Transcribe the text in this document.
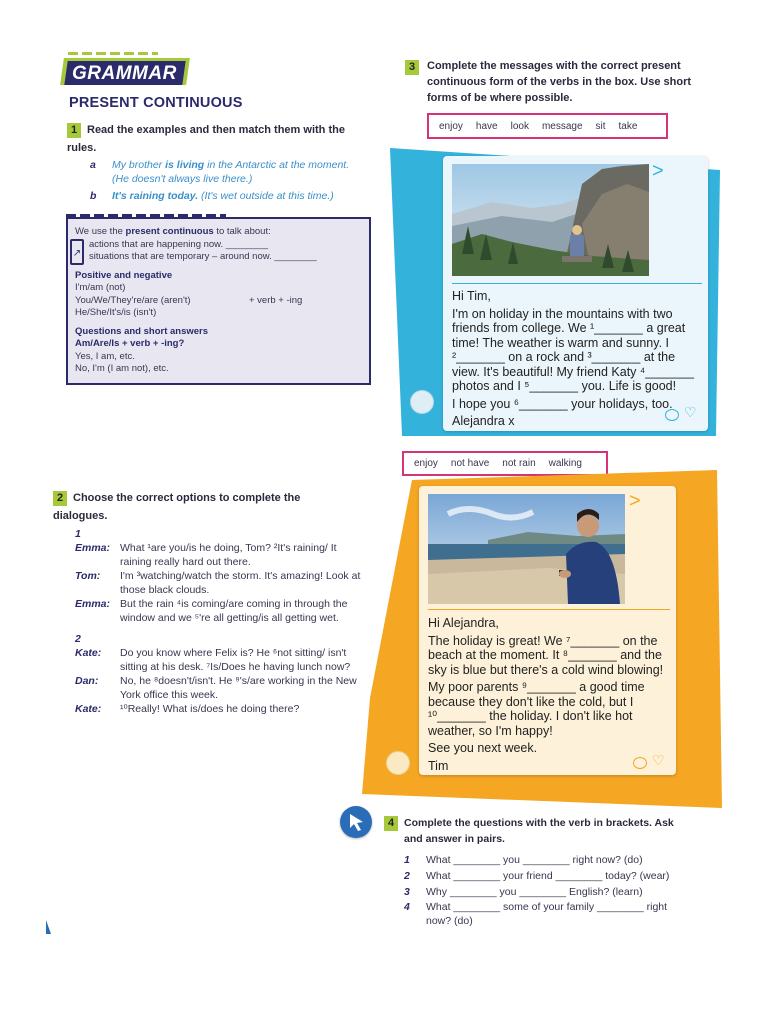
GRAMMAR
PRESENT CONTINUOUS
1 Read the examples and then match them with the rules.
a My brother is living in the Antarctic at the moment.
(He doesn't always live there.)
b It's raining today. (It's wet outside at this time.)
↗
We use the present continuous to talk about:
actions that are happening now. ________
situations that are temporary – around now. ________
Positive and negative
I'm/am (not)
You/We/They're/are (aren't)	+ verb + -ing
He/She/It's/is (isn't)
Questions and short answers
Am/Are/Is + verb + -ing?
Yes, I am, etc.
No, I'm (I am not), etc.
2 Choose the correct options to complete the dialogues.
1
Emma: What ¹are you/is he doing, Tom? ²It's raining/ It raining really hard out there.
Tom:	I'm ³watching/watch the storm. It's amazing! Look at those black clouds.
Emma: But the rain ⁴is coming/are coming in through the window and we ⁵'re all getting/is all getting wet.
2
Kate:	Do you know where Felix is? He ⁶not sitting/ isn't sitting at his desk. ⁷Is/Does he having lunch now?
Dan:	No, he ⁸doesn't/isn't. He ⁹'s/are working in the New York office this week.
Kate:	¹⁰Really! What is/does he doing there?
3	Complete the messages with the correct present continuous form of the verbs in the box. Use short forms of be where possible.
enjoy have look message sit take
>
Hi Tim,
I'm on holiday in the mountains with two friends from college. We ¹_______ a great time! The weather is warm and sunny. I ²_______ on a rock and ³_______ at the view. It's beautiful! My friend Katy ⁴_______ photos and I ⁵_______ you. Life is good!
I hope you ⁶_______ your holidays, too.
Alejandra x
♡
enjoy not have not rain walking
>
Hi Alejandra,
The holiday is great! We ⁷_______ on the beach at the moment. It ⁸_______ and the sky is blue but there's a cold wind blowing!
My poor parents ⁹_______ a good time because they don't like the cold, but I ¹⁰_______ the holiday. I don't like hot weather, so I'm happy!
See you next week.
Tim	♡
4 Complete the questions with the verb in brackets. Ask and answer in pairs.
1	What ________ you ________ right now? (do)
2	What ________ your friend ________ today? (wear)
3	Why ________ you ________ English? (learn)
4	What ________ some of your family ________ right now? (do)
